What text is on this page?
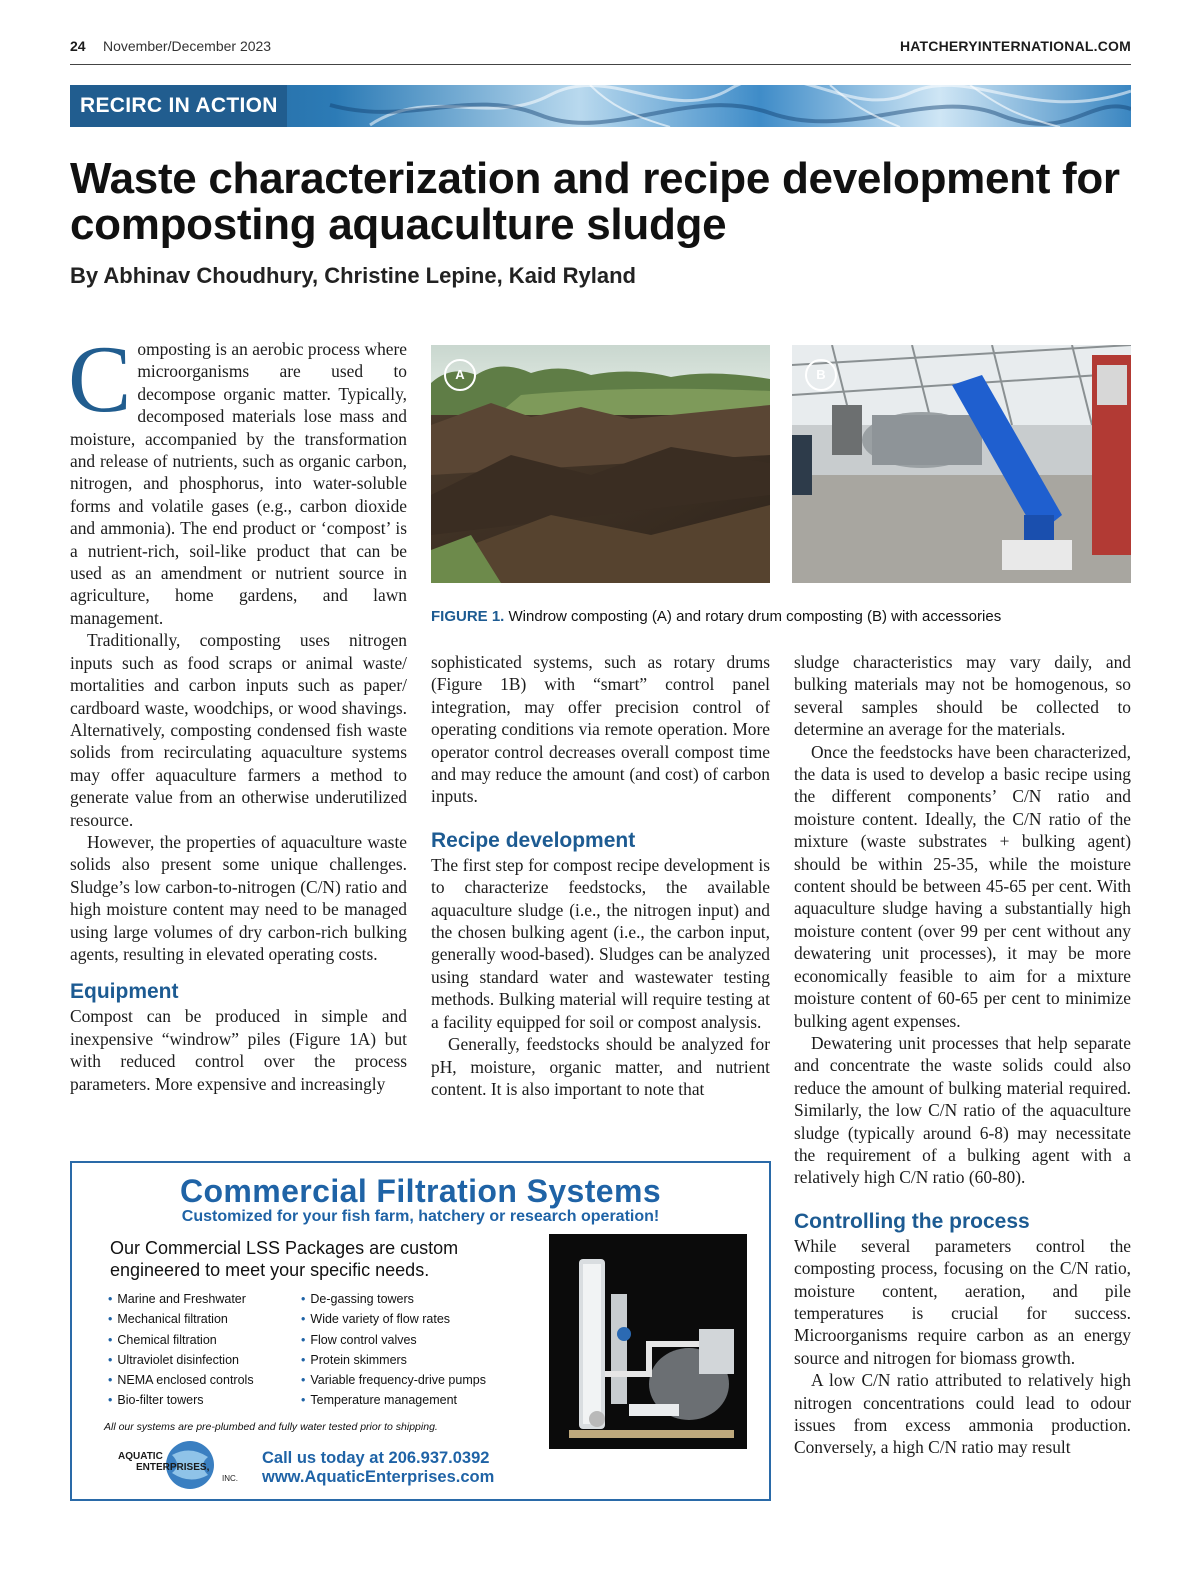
24 November/December 2023	HATCHERYINTERNATIONAL.COM
RECIRC IN ACTION
Waste characterization and recipe development for composting aquaculture sludge
By Abhinav Choudhury, Christine Lepine, Kaid Ryland

Composting is an aerobic process where microorganisms are used to decompose organic matter. Typically, decomposed materials lose mass and moisture, accompanied by the transformation and release of nutrients, such as organic carbon, nitrogen, and phosphorus, into water-soluble forms and volatile gases (e.g., carbon dioxide and ammonia). The end product or ‘compost’ is a nutrient-rich, soil-like product that can be used as an amendment or nutrient source in agriculture, home gardens, and lawn management.

Traditionally, composting uses nitrogen inputs such as food scraps or animal waste/ mortalities and carbon inputs such as paper/ cardboard waste, woodchips, or wood shavings. Alternatively, composting condensed fish waste solids from recirculating aquaculture systems may offer aquaculture farmers a method to generate value from an otherwise underutilized resource.

However, the properties of aquaculture waste solids also present some unique challenges. Sludge’s low carbon-to-nitrogen (C/N) ratio and high moisture content may need to be managed using large volumes of dry carbon-rich bulking agents, resulting in elevated operating costs.

Equipment

Compost can be produced in simple and inexpensive “windrow” piles (Figure 1A) but with reduced control over the process parameters. More expensive and increasingly

A	B
FIGURE 1. Windrow composting (A) and rotary drum composting (B) with accessories

sophisticated systems, such as rotary drums (Figure 1B) with “smart” control panel integration, may offer precision control of operating conditions via remote operation. More operator control decreases overall compost time and may reduce the amount (and cost) of carbon inputs.

Recipe development

The first step for compost recipe development is to characterize feedstocks, the available aquaculture sludge (i.e., the nitrogen input) and the chosen bulking agent (i.e., the carbon input, generally wood-based). Sludges can be analyzed using standard water and wastewater testing methods. Bulking material will require testing at a facility equipped for soil or compost analysis.

Generally, feedstocks should be analyzed for pH, moisture, organic matter, and nutrient content. It is also important to note that

sludge characteristics may vary daily, and bulking materials may not be homogenous, so several samples should be collected to determine an average for the materials.

Once the feedstocks have been characterized, the data is used to develop a basic recipe using the different components’ C/N ratio and moisture content. Ideally, the C/N ratio of the mixture (waste substrates + bulking agent) should be within 25-35, while the moisture content should be between 45-65 per cent. With aquaculture sludge having a substantially high moisture content (over 99 per cent without any dewatering unit processes), it may be more economically feasible to aim for a mixture moisture content of 60-65 per cent to minimize bulking agent expenses.

Dewatering unit processes that help separate and concentrate the waste solids could also reduce the amount of bulking material required. Similarly, the low C/N ratio of the aquaculture sludge (typically around 6-8) may necessitate the requirement of a bulking agent with a relatively high C/N ratio (60-80).

Controlling the process

While several parameters control the composting process, focusing on the C/N ratio, moisture content, aeration, and pile temperatures is crucial for success. Microorganisms require carbon as an energy source and nitrogen for biomass growth.

A low C/N ratio attributed to relatively high nitrogen concentrations could lead to odour issues from excess ammonia production. Conversely, a high C/N ratio may result

Commercial Filtration Systems
Customized for your fish farm, hatchery or research operation!
Our Commercial LSS Packages are custom engineered to meet your specific needs.
• Marine and Freshwater
• Mechanical filtration
• Chemical filtration
• Ultraviolet disinfection
• NEMA enclosed controls
• Bio-filter towers
• De-gassing towers
• Wide variety of flow rates
• Flow control valves
• Protein skimmers
• Variable frequency-drive pumps
• Temperature management
All our systems are pre-plumbed and fully water tested prior to shipping.
AQUATIC
ENTERPRISES,
INC.
Call us today at 206.937.0392
www.AquaticEnterprises.com
